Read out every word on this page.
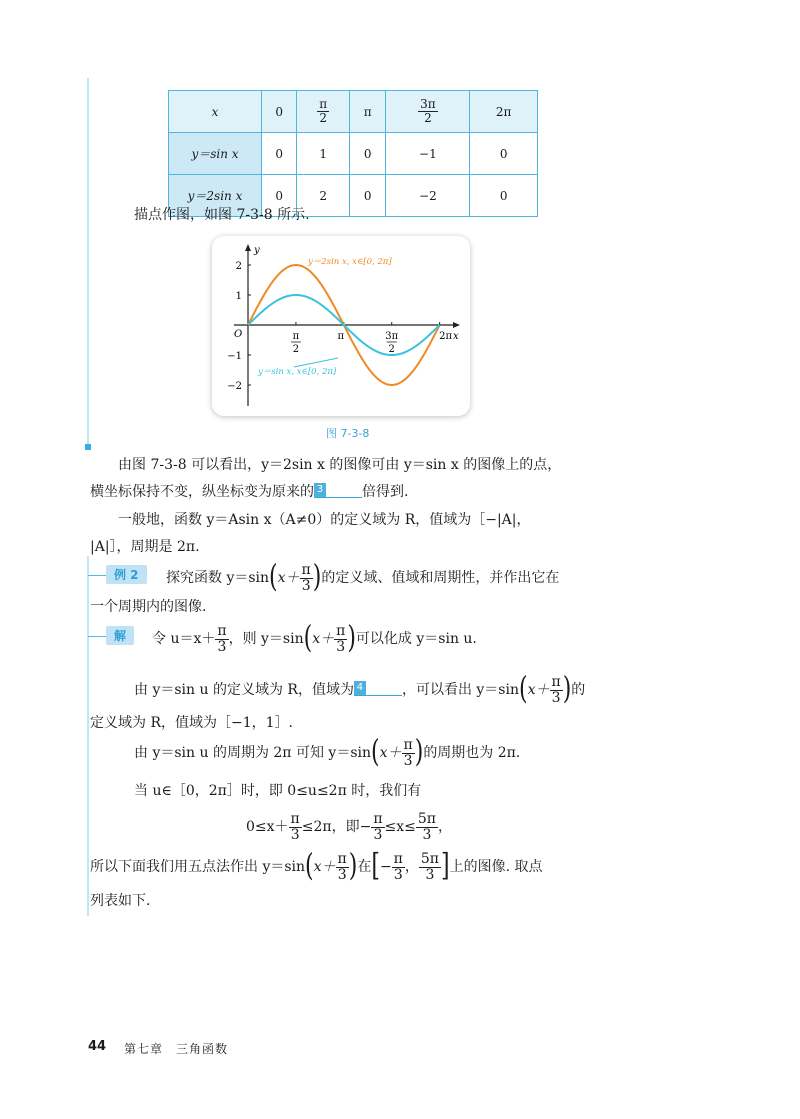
x	0	$\frac{\pi}{2}$	π	$\frac{3\pi}{2}$	2π
y＝sin x	0	1	0	−1	0
y＝2sin x	0	2	0	−2	0
描点作图，如图 7-3-8 所示.
x
y
O	π
2
π	3π
2
2π
2
1
−1
−2
y＝2sin x, x∈[0, 2π]
y＝sin x, x∈[0, 2π]
图 7-3-8
由图 7-3-8 可以看出，y＝2sin x 的图像可由 y＝sin x 的图像上的点，
横坐标保持不变，纵坐标变为原来的 3	倍得到.
一般地，函数 y＝Asin x（A≠0）的定义域为 R，值域为［−|A|，
|A|］，周期是 2π.
例 2	探究函数 $y=\sin(x+ \frac{\pi}{3}$ )的定义域、值域和周期性，并作出它在
一个周期内的图像.
解	令 $u=x+ \frac{\pi}{3}$ ，则 $y=\sin(x+ \frac{\pi}{3}$ )可以化成 y＝sin u.
由 y＝sin u 的定义域为 R，值域为 4	，可以看出 $y=\sin(x+ \frac{\pi}{3}$ )的
定义域为 R，值域为［−1，1］.
由 y＝sin u 的周期为 2π 可知 $y=\sin(x+ \frac{\pi}{3}$ )的周期也为 2π.
当 u∈［0，2π］时，即 0≤u≤2π 时，我们有
$0\le x+ \frac{\pi}{3} \le 2\pi$，即− $\frac{\pi}{3} \le x\le \frac{5\pi}{3}$ ，
所以下面我们用五点法作出 $y=\sin(x+ \frac{\pi}{3}$ )在[− $\frac{\pi}{3}$ ， $\frac{5\pi}{3}$ ]上的图像. 取点
列表如下.
44 第七章　三角函数
